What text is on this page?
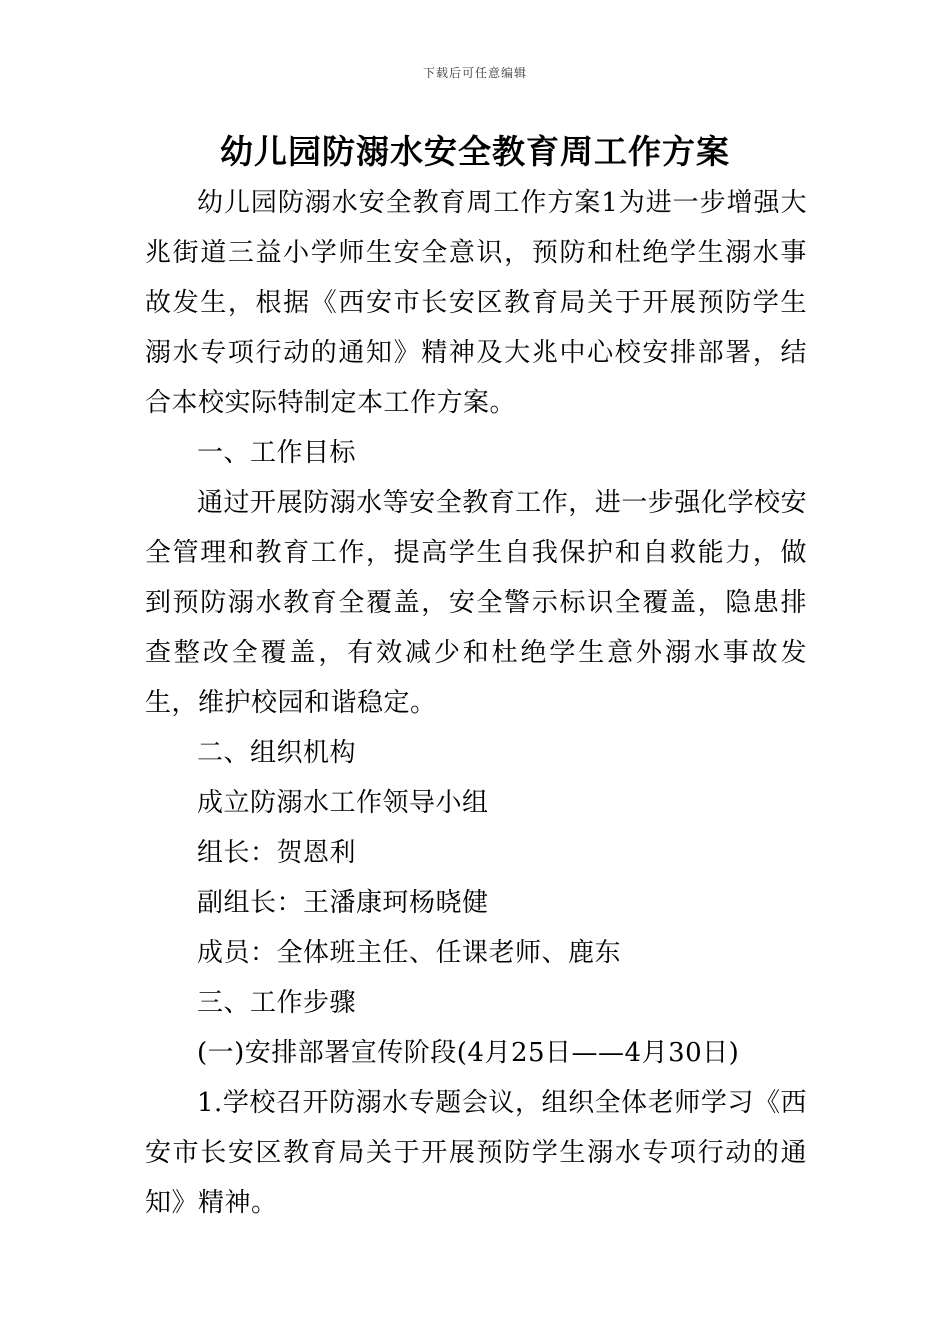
下载后可任意编辑
幼儿园防溺水安全教育周工作方案

幼儿园防溺水安全教育周工作方案1为进一步增强大兆街道三益小学师生安全意识，预防和杜绝学生溺水事故发生，根据《西安市长安区教育局关于开展预防学生溺水专项行动的通知》精神及大兆中心校安排部署，结合本校实际特制定本工作方案。

一、工作目标

通过开展防溺水等安全教育工作，进一步强化学校安全管理和教育工作，提高学生自我保护和自救能力，做到预防溺水教育全覆盖，安全警示标识全覆盖，隐患排查整改全覆盖，有效减少和杜绝学生意外溺水事故发生，维护校园和谐稳定。

二、组织机构

成立防溺水工作领导小组

组长：贺恩利

副组长：王潘康珂杨晓健

成员：全体班主任、任课老师、鹿东

三、工作步骤

(一)安排部署宣传阶段(4月25日——4月30日)

1.学校召开防溺水专题会议，组织全体老师学习《西安市长安区教育局关于开展预防学生溺水专项行动的通知》精神。
